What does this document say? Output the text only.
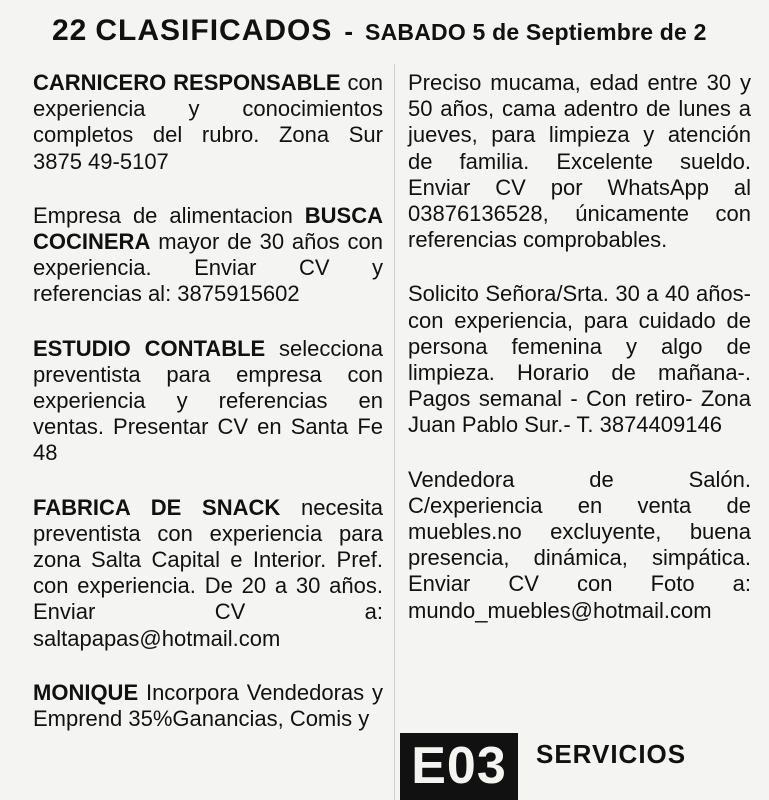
22 CLASIFICADOS - SABADO 5 de Septiembre de 2

CARNICERO RESPONSABLE con experiencia y conocimientos completos del rubro. Zona Sur 3875 49-5107

Empresa de alimentacion BUSCA COCINERA mayor de 30 años con experiencia. Enviar CV y referencias al: 3875915602

ESTUDIO CONTABLE selecciona preventista para empresa con experiencia y referencias en ventas. Presentar CV en Santa Fe 48

FABRICA DE SNACK necesita preventista con experiencia para zona Salta Capital e Interior. Pref. con experiencia. De 20 a 30 años. Enviar CV a: saltapapas@hotmail.com

MONIQUE Incorpora Vendedoras y Emprend 35%Ganancias, Comis y

Preciso mucama, edad entre 30 y 50 años, cama adentro de lunes a jueves, para limpieza y atención de familia. Excelente sueldo. Enviar CV por WhatsApp al 03876136528, únicamente con referencias comprobables.

Solicito Señora/Srta. 30 a 40 años- con experiencia, para cuidado de persona femenina y algo de limpieza. Horario de mañana-. Pagos semanal - Con retiro- Zona Juan Pablo Sur.- T. 3874409146

Vendedora de Salón. C/experiencia en venta de muebles.no excluyente, buena presencia, dinámica, simpática. Enviar CV con Foto a: mundo_muebles@hotmail.com

E03	SERVICIOS
